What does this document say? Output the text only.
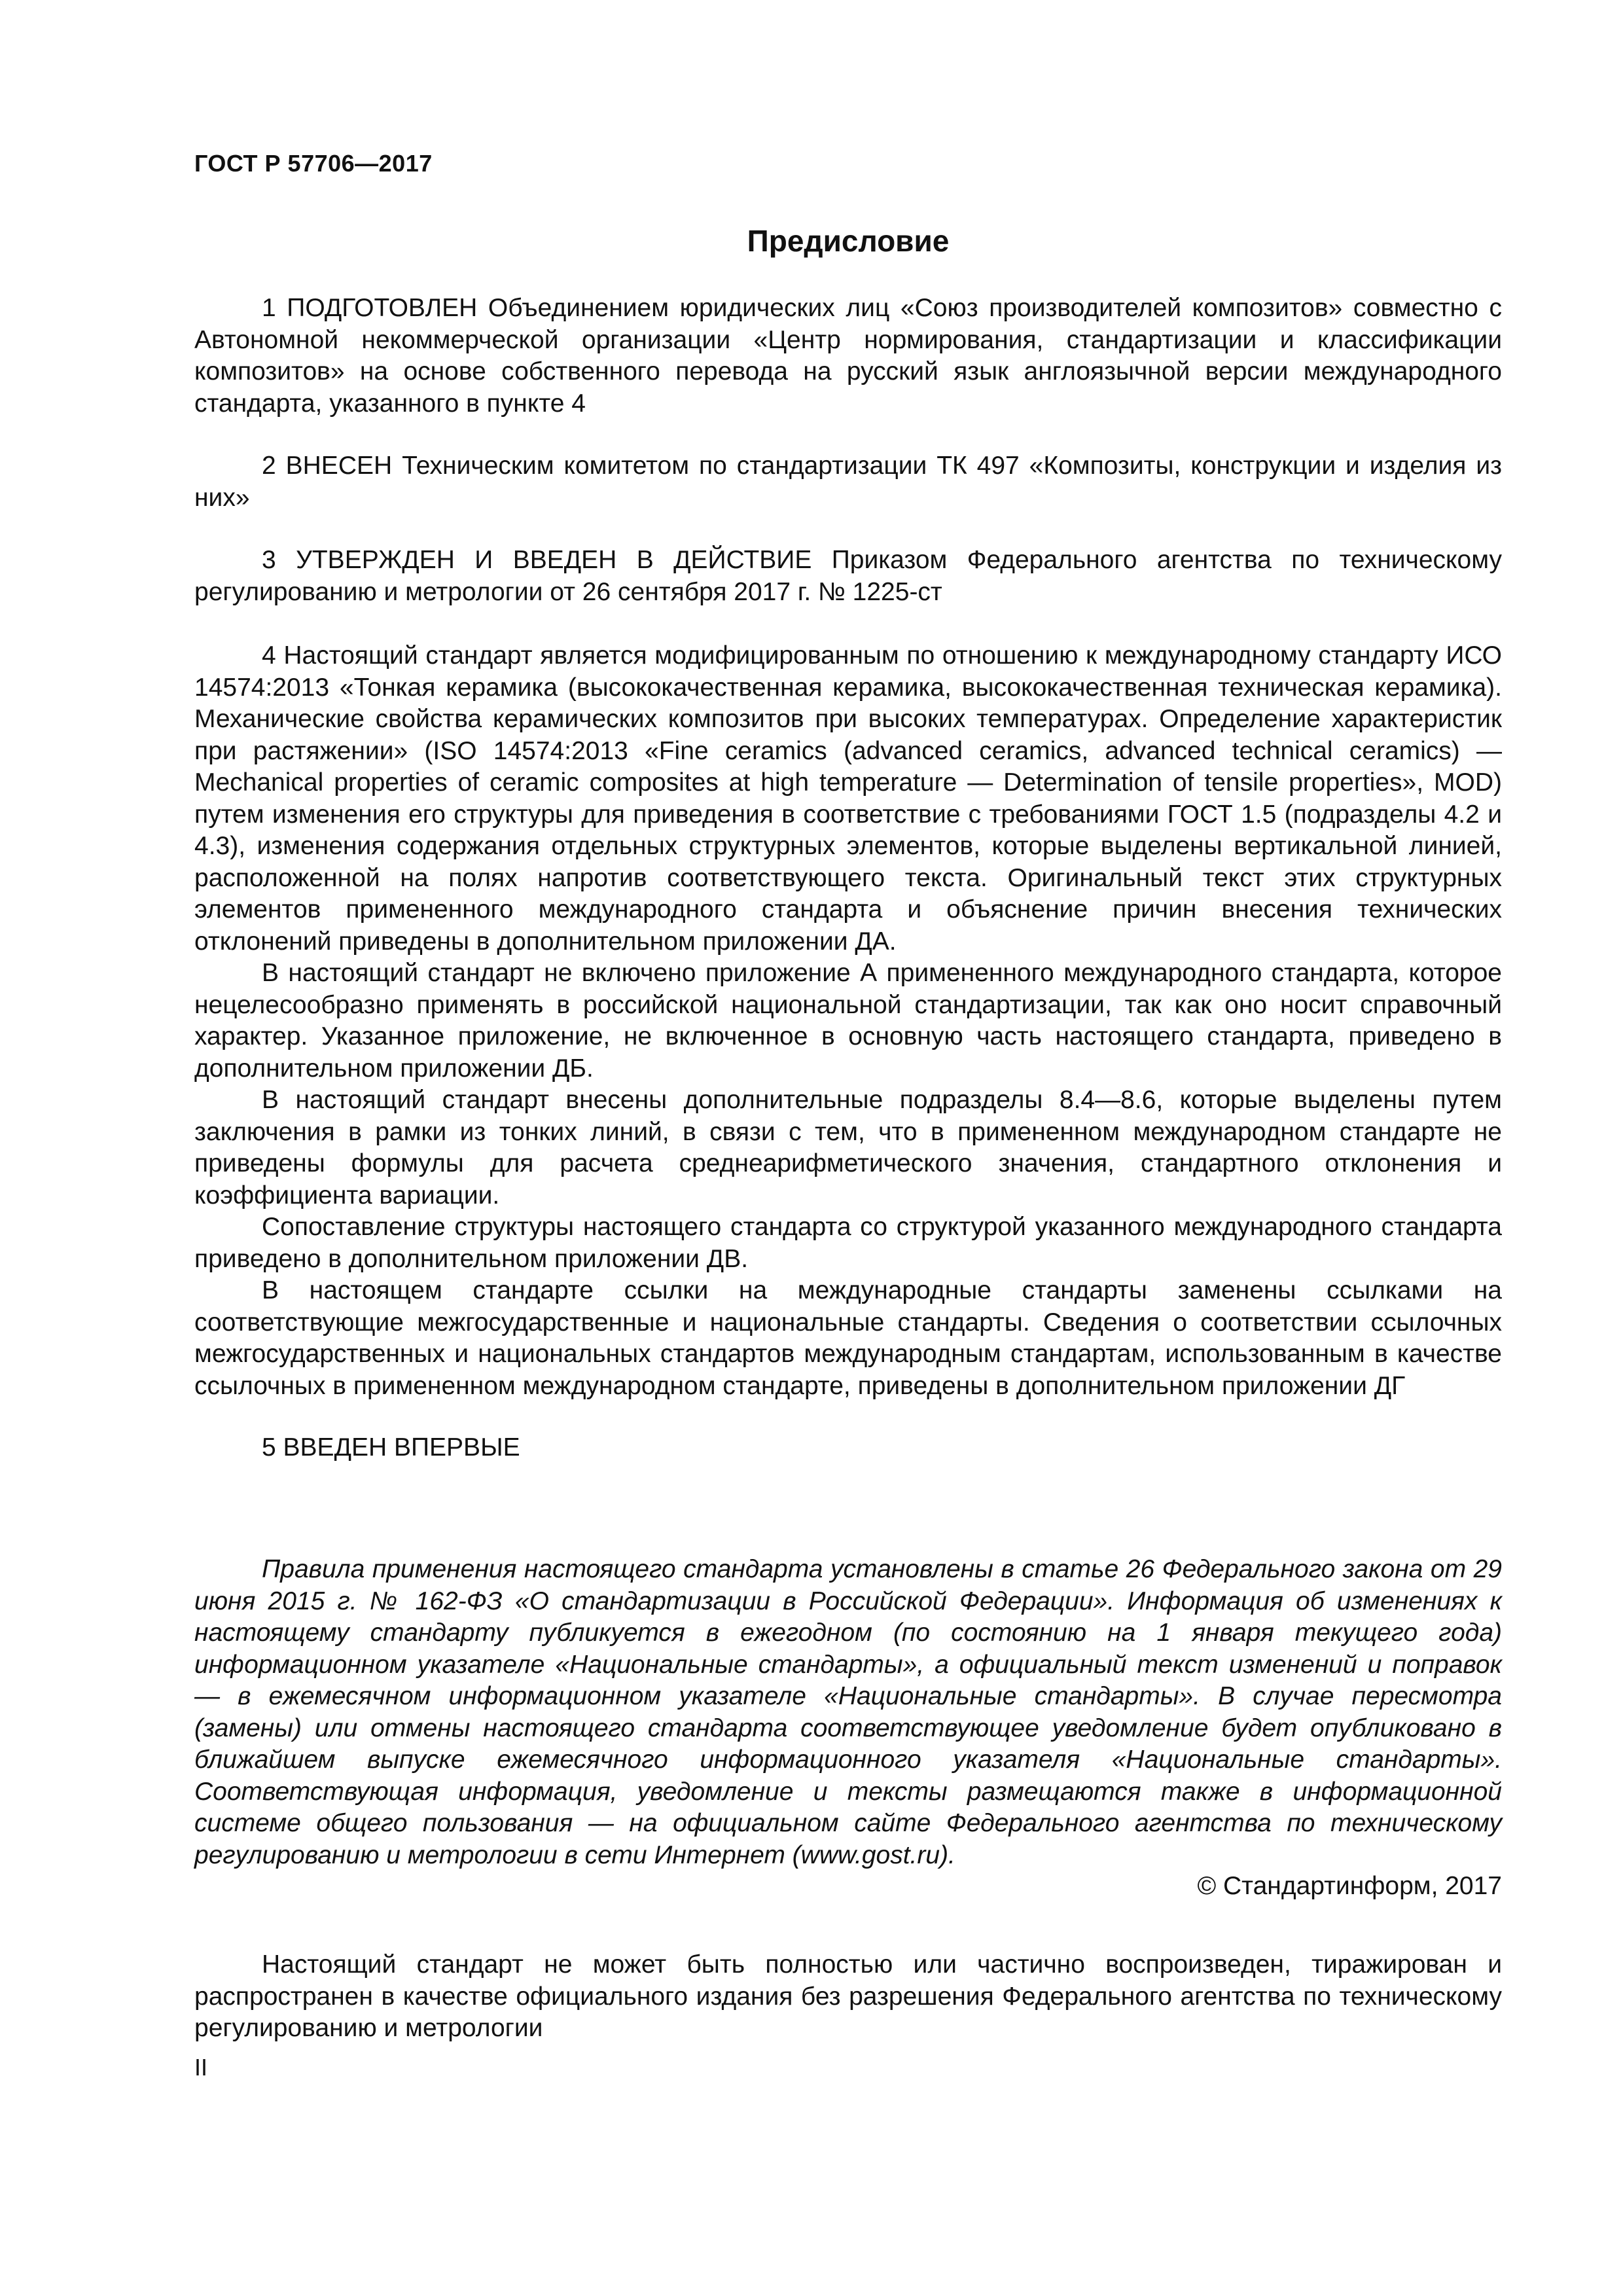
ГОСТ Р 57706—2017
Предисловие

1 ПОДГОТОВЛЕН Объединением юридических лиц «Союз производителей композитов» совместно с Автономной некоммерческой организации «Центр нормирования, стандартизации и классификации композитов» на основе собственного перевода на русский язык англоязычной версии международного стандарта, указанного в пункте 4

2 ВНЕСЕН Техническим комитетом по стандартизации ТК 497 «Композиты, конструкции и изделия из них»

3 УТВЕРЖДЕН И ВВЕДЕН В ДЕЙСТВИЕ Приказом Федерального агентства по техническому регулированию и метрологии от 26 сентября 2017 г. № 1225-ст

4 Настоящий стандарт является модифицированным по отношению к международному стандарту ИСО 14574:2013 «Тонкая керамика (высококачественная керамика, высококачественная техническая керамика). Механические свойства керамических композитов при высоких температурах. Определение характеристик при растяжении» (ISO 14574:2013 «Fine ceramics (advanced ceramics, advanced technical ceramics) — Mechanical properties of ceramic composites at high temperature — Determination of tensile properties», MOD) путем изменения его структуры для приведения в соответствие с требованиями ГОСТ 1.5 (подразделы 4.2 и 4.3), изменения содержания отдельных структурных элементов, которые выделены вертикальной линией, расположенной на полях напротив соответствующего текста. Оригинальный текст этих структурных элементов примененного международного стандарта и объяснение причин внесения технических отклонений приведены в дополнительном приложении ДА.

В настоящий стандарт не включено приложение А примененного международного стандарта, которое нецелесообразно применять в российской национальной стандартизации, так как оно носит справочный характер. Указанное приложение, не включенное в основную часть настоящего стандарта, приведено в дополнительном приложении ДБ.

В настоящий стандарт внесены дополнительные подразделы 8.4—8.6, которые выделены путем заключения в рамки из тонких линий, в связи с тем, что в примененном международном стандарте не приведены формулы для расчета среднеарифметического значения, стандартного отклонения и коэффициента вариации.

Сопоставление структуры настоящего стандарта со структурой указанного международного стандарта приведено в дополнительном приложении ДВ.

В настоящем стандарте ссылки на международные стандарты заменены ссылками на соответствующие межгосударственные и национальные стандарты. Сведения о соответствии ссылочных межгосударственных и национальных стандартов международным стандартам, использованным в качестве ссылочных в примененном международном стандарте, приведены в дополнительном приложении ДГ

5 ВВЕДЕН ВПЕРВЫЕ

Правила применения настоящего стандарта установлены в статье 26 Федерального закона от 29 июня 2015 г. № 162-ФЗ «О стандартизации в Российской Федерации». Информация об изменениях к настоящему стандарту публикуется в ежегодном (по состоянию на 1 января текущего года) информационном указателе «Национальные стандарты», а официальный текст изменений и поправок — в ежемесячном информационном указателе «Национальные стандарты». В случае пересмотра (замены) или отмены настоящего стандарта соответствующее уведомление будет опубликовано в ближайшем выпуске ежемесячного информационного указателя «Национальные стандарты». Соответствующая информация, уведомление и тексты размещаются также в информационной системе общего пользования — на официальном сайте Федерального агентства по техническому регулированию и метрологии в сети Интернет (www.gost.ru).

© Стандартинформ, 2017

Настоящий стандарт не может быть полностью или частично воспроизведен, тиражирован и распространен в качестве официального издания без разрешения Федерального агентства по техническому регулированию и метрологии

II
